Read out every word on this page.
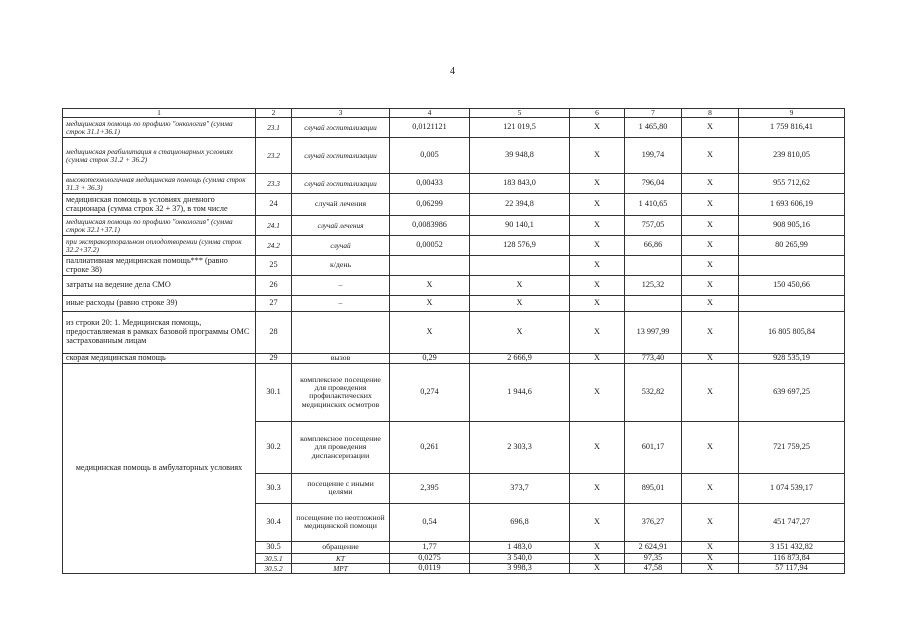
4
1	2	3	4	5	6	7	8	9	
медицинская помощь по профилю "онкология" (сумма строк 31.1+36.1)	23.1	случай госпитализации	0,0121121	121 019,5	X	1 465,80	X	1 759 816,41	
медицинская реабилитация в стационарных условиях (сумма строк 31.2 + 36.2)	23.2	случай госпитализации	0,005	39 948,8	X	199,74	X	239 810,05	
высокотехнологичная медицинская помощь (сумма строк 31.3 + 36.3)	23.3	случай госпитализации	0,00433	183 843,0	X	796,04	X	955 712,62	
медицинская помощь в условиях дневного стационара (сумма строк 32 + 37), в том числе	24	случай лечения	0,06299	22 394,8	X	1 410,65	X	1 693 606,19	
медицинская помощь по профилю "онкология" (сумма строк 32.1+37.1)	24.1	случай лечения	0,0083986	90 140,1	X	757,05	X	908 905,16	
при экстракорпоральном оплодотворении (сумма строк 32.2+37.2)	24.2	случай	0,00052	128 576,9	X	66,86	X	80 265,99	
паллиативная медицинская помощь*** (равно строке 38)	25	к/день			X		X		
затраты на ведение дела СМО	26	–	X	X	X	125,32	X	150 450,66	
иные расходы (равно строке 39)	27	–	X	X	X		X		
из строки 20: 1. Медицинская помощь, предоставляемая в рамках базовой программы ОМС застрахованным лицам	28		X	X	X	13 997,99	X	16 805 805,84	
скорая медицинская помощь	29	вызов	0,29	2 666,9	X	773,40	X	928 535,19	
медицинская помощь в амбулаторных условиях	30.1	комплексное посещение для проведения профилактических медицинских осмотров	0,274	1 944,6	X	532,82	X	639 697,25	
	30.2	комплексное посещение для проведения диспансеризации	0,261	2 303,3	X	601,17	X	721 759,25	
	30.3	посещение с иными целями	2,395	373,7	X	895,01	X	1 074 539,17	
	30.4	посещение по неотложной медицинской помощи	0,54	696,8	X	376,27	X	451 747,27	
	30.5	обращение	1,77	1 483,0	X	2 624,91	X	3 151 432,82	
	30.5.1	КТ	0,0275	3 540,0	X	97,35	X	116 873,84	
	30.5.2	МРТ	0,0119	3 998,3	X	47,58	X	57 117,94	
